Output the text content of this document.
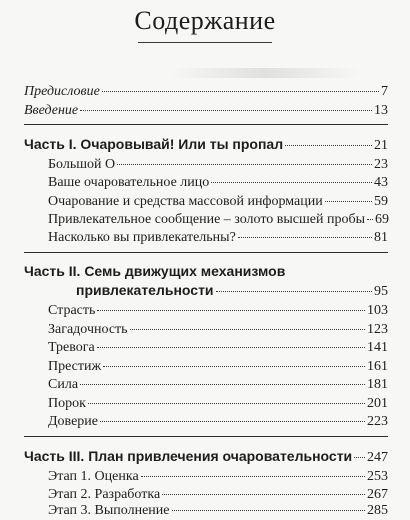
Содержание
Предисловие	7
Введение	13
Часть I. Очаровывай! Или ты пропал	21
Большой О	23
Ваше очаровательное лицо	43
Очарование и средства массовой информации	59
Привлекательное сообщение – золото высшей пробы 69
Насколько вы привлекательны?	81
Часть II. Семь движущих механизмов
привлекательности	95
Страсть	103
Загадочность	123
Тревога	141
Престиж	161
Сила	181
Порок	201
Доверие	223
Часть III. План привлечения очаровательности 247
Этап 1. Оценка	253
Этап 2. Разработка	267
Этап 3. Выполнение	285
